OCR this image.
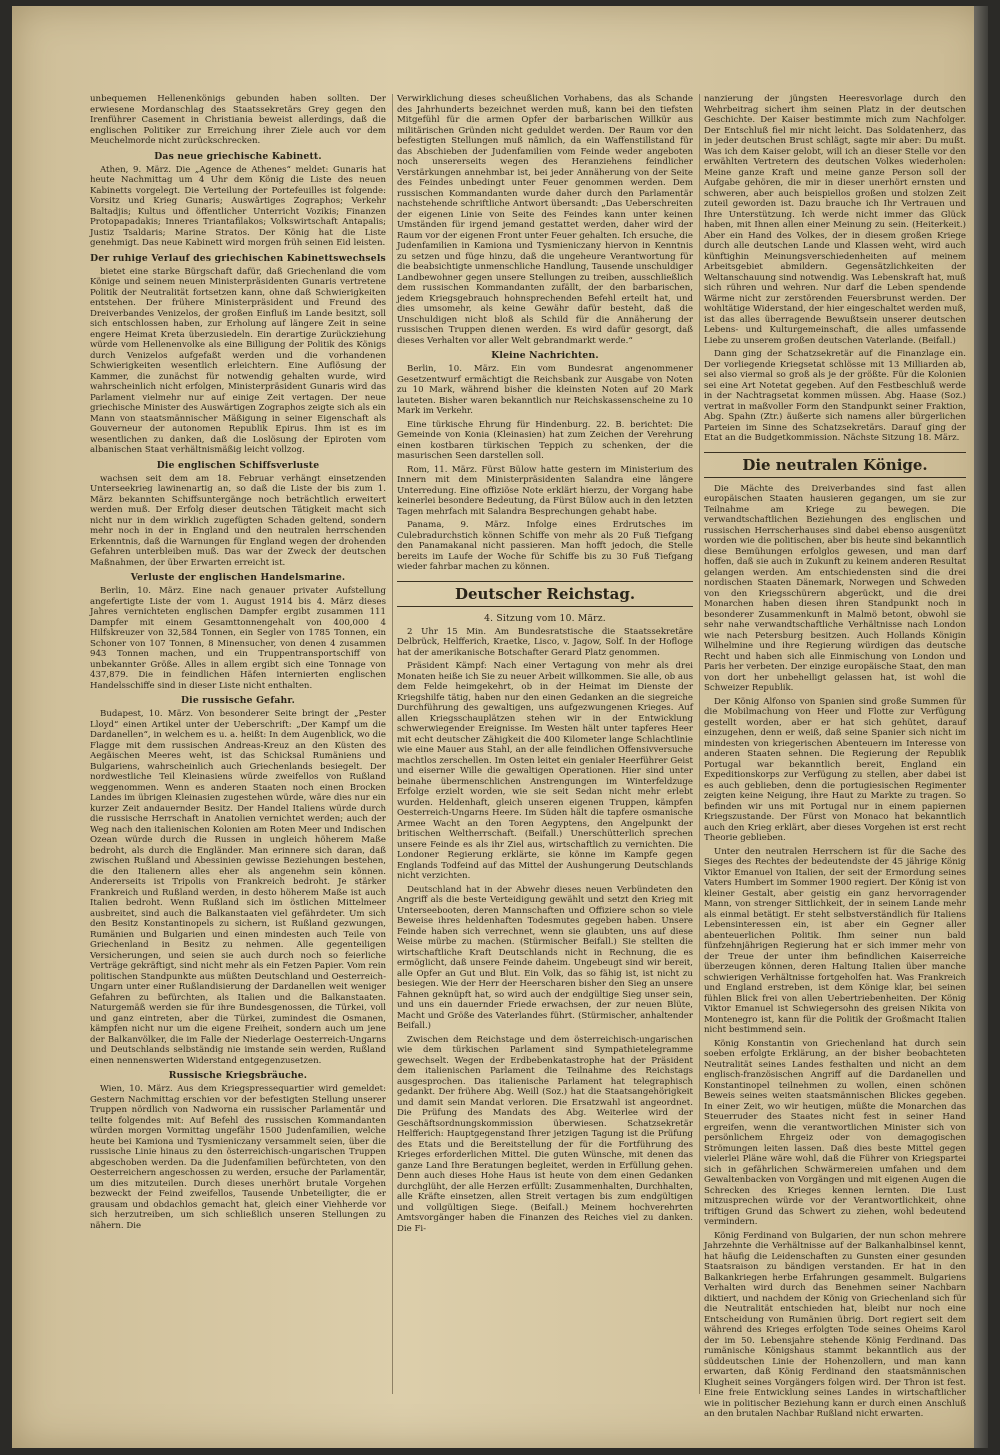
unbequemen Hellenenkönigs gebunden haben sollten. Der erwiesene Mordanschlag des Staatssekretärs Grey gegen den Irenführer Casement in Christiania beweist allerdings, daß die englischen Politiker zur Erreichung ihrer Ziele auch vor dem Meuchelmorde nicht zurückschrecken.

Das neue griechische Kabinett.

Athen, 9. März. Die „Agence de Athenes“ meldet: Gunaris hat heute Nachmittag um 4 Uhr dem König die Liste des neuen Kabinetts vorgelegt. Die Verteilung der Portefeuilles ist folgende: Vorsitz und Krieg Gunaris; Auswärtiges Zographos; Verkehr Baltadjis; Kultus und öffentlicher Unterricht Vozikis; Finanzen Protopapadakis; Inneres Triantafilakos; Volkswirtschaft Antapalis; Justiz Tsaldaris; Marine Stratos. Der König hat die Liste genehmigt. Das neue Kabinett wird morgen früh seinen Eid leisten.

Der ruhige Verlauf des griechischen Kabinettswechsels

bietet eine starke Bürgschaft dafür, daß Griechenland die vom Könige und seinem neuen Ministerpräsidenten Gunaris vertretene Politik der Neutralität fortsetzen kann, ohne daß Schwierigkeiten entstehen. Der frühere Ministerpräsident und Freund des Dreiverbandes Venizelos, der großen Einfluß im Lande besitzt, soll sich entschlossen haben, zur Erholung auf längere Zeit in seine engere Heimat Kreta überzusiedeln. Ein derartige Zurückziehung würde vom Hellenenvolke als eine Billigung der Politik des Königs durch Venizelos aufgefaßt werden und die vorhandenen Schwierigkeiten wesentlich erleichtern. Eine Auflösung der Kammer, die zunächst für notwendig gehalten wurde, wird wahrscheinlich nicht erfolgen, Ministerpräsident Gunaris wird das Parlament vielmehr nur auf einige Zeit vertagen. Der neue griechische Minister des Auswärtigen Zographos zeigte sich als ein Mann von staatsmännischer Mäßigung in seiner Eigenschaft als Gouverneur der autonomen Republik Epirus. Ihm ist es im wesentlichen zu danken, daß die Loslösung der Epiroten vom albanischen Staat verhältnismäßig leicht vollzog.

Die englischen Schiffsverluste

wachsen seit dem am 18. Februar verhängt einsetzenden Unterseekrieg lawinenartig an, so daß die Liste der bis zum 1. März bekannten Schiffsuntergänge noch beträchtlich erweitert werden muß. Der Erfolg dieser deutschen Tätigkeit macht sich nicht nur in dem wirklich zugefügten Schaden geltend, sondern mehr noch in der in England und den neutralen herrschenden Erkenntnis, daß die Warnungen für England wegen der drohenden Gefahren unterbleiben muß. Das war der Zweck der deutschen Maßnahmen, der über Erwarten erreicht ist.

Verluste der englischen Handelsmarine.

Berlin, 10. März. Eine nach genauer privater Aufstellung angefertigte Liste der vom 1. August 1914 bis 4. März dieses Jahres vernichteten englischen Dampfer ergibt zusammen 111 Dampfer mit einem Gesamttonnengehalt von 400,000 4 Hilfskreuzer von 32,584 Tonnen, ein Segler von 1785 Tonnen, ein Schoner von 107 Tonnen, 8 Minensucher, von denen 4 zusammen 943 Tonnen machen, und ein Truppentransportschiff von unbekannter Größe. Alles in allem ergibt sich eine Tonnage von 437,879. Die in feindlichen Häfen internierten englischen Handelsschiffe sind in dieser Liste nicht enthalten.

Die russische Gefahr.

Budapest, 10. März. Von besonderer Seite bringt der „Pester Lloyd“ einen Artikel unter der Ueberschrift: „Der Kampf um die Dardanellen“, in welchem es u. a. heißt: In dem Augenblick, wo die Flagge mit dem russischen Andreas-Kreuz an den Küsten des Aegäischen Meeres weht, ist das Schicksal Rumäniens und Bulgariens, wahrscheinlich auch Griechenlands besiegelt. Der nordwestliche Teil Kleinasiens würde zweifellos von Rußland weggenommen. Wenn es anderen Staaten noch einen Brocken Landes im übrigen Kleinasien zugestehen würde, wäre dies nur ein kurzer Zeit andauernder Besitz. Der Handel Italiens würde durch die russische Herrschaft in Anatolien vernichtet werden; auch der Weg nach den italienischen Kolonien am Roten Meer und Indischen Ozean würde durch die Russen in ungleich höherem Maße bedroht, als durch die Engländer. Man erinnere sich daran, daß zwischen Rußland und Abessinien gewisse Beziehungen bestehen, die den Italienern alles eher als angenehm sein können. Andererseits ist Tripolis von Frankreich bedroht. Je stärker Frankreich und Rußland werden, in desto höherem Maße ist auch Italien bedroht. Wenn Rußland sich im östlichen Mittelmeer ausbreitet, sind auch die Balkanstaaten viel gefährdeter. Um sich den Besitz Konstantinopels zu sichern, ist Rußland gezwungen, Rumänien und Bulgarien und einen mindesten auch Teile von Griechenland in Besitz zu nehmen. Alle gegenteiligen Versicherungen, und seien sie auch durch noch so feierliche Verträge gekräftigt, sind nicht mehr als ein Fetzen Papier. Vom rein politischen Standpunkte aus müßten Deutschland und Oesterreich-Ungarn unter einer Rußlandisierung der Dardanellen weit weniger Gefahren zu befürchten, als Italien und die Balkanstaaten. Naturgemäß werden sie für ihre Bundesgenossen, die Türkei, voll und ganz eintreten, aber die Türkei, zumindest die Osmanen, kämpfen nicht nur um die eigene Freiheit, sondern auch um jene der Balkanvölker, die im Falle der Niederlage Oesterreich-Ungarns und Deutschlands selbständig nie imstande sein werden, Rußland einen nennenswerten Widerstand entgegenzusetzen.

Russische Kriegsbräuche.

Wien, 10. März. Aus dem Kriegspressequartier wird gemeldet: Gestern Nachmittag erschien vor der befestigten Stellung unserer Truppen nördlich von Nadworna ein russischer Parlamentär und teilte folgendes mit: Auf Befehl des russischen Kommandanten würden morgen Vormittag ungefähr 1500 Judenfamilien, welche heute bei Kamiona und Tysmieniczany versammelt seien, über die russische Linie hinaus zu den österreichisch-ungarischen Truppen abgeschoben werden. Da die Judenfamilien befürchteten, von den Oesterreichern angeschossen zu werden, ersuche der Parlamentär, um dies mitzuteilen. Durch dieses unerhört brutale Vorgehen bezweckt der Feind zweifellos, Tausende Unbeteiligter, die er grausam und obdachlos gemacht hat, gleich einer Viehherde vor sich herzutreiben, um sich schließlich unseren Stellungen zu nähern. Die

Verwirklichung dieses scheußlichen Vorhabens, das als Schande des Jahrhunderts bezeichnet werden muß, kann bei den tiefsten Mitgefühl für die armen Opfer der barbarischen Willkür aus militärischen Gründen nicht geduldet werden. Der Raum vor den befestigten Stellungen muß nämlich, da ein Waffenstillstand für das Abschieben der Judenfamilien vom Feinde weder angeboten noch unsererseits wegen des Heranziehens feindlicher Verstärkungen annehmbar ist, bei jeder Annäherung von der Seite des Feindes unbedingt unter Feuer genommen werden. Dem russischen Kommandanten wurde daher durch den Parlamentär nachstehende schriftliche Antwort übersandt: „Das Ueberschreiten der eigenen Linie von Seite des Feindes kann unter keinen Umständen für irgend jemand gestattet werden, daher wird der Raum vor der eigenen Front unter Feuer gehalten. Ich ersuche, die Judenfamilien in Kamiona und Tysmieniczany hiervon in Kenntnis zu setzen und füge hinzu, daß die ungeheure Verantwortung für die beabsichtigte unmenschliche Handlung, Tausende unschuldiger Landbewohner gegen unsere Stellungen zu treiben, ausschließlich dem russischen Kommandanten zufällt, der den barbarischen, jedem Kriegsgebrauch hohnsprechenden Befehl erteilt hat, und dies umsomehr, als keine Gewähr dafür besteht, daß die Unschuldigen nicht bloß als Schild für die Annäherung der russischen Truppen dienen werden. Es wird dafür gesorgt, daß dieses Verhalten vor aller Welt gebrandmarkt werde.“

Kleine Nachrichten.

Berlin, 10. März. Ein vom Bundesrat angenommener Gesetzentwurf ermächtigt die Reichsbank zur Ausgabe von Noten zu 10 Mark, während bisher die kleinsten Noten auf 20 Mark lauteten. Bisher waren bekanntlich nur Reichskassenscheine zu 10 Mark im Verkehr.

Eine türkische Ehrung für Hindenburg. 22. B. berichtet: Die Gemeinde von Konia (Kleinasien) hat zum Zeichen der Verehrung einen kostbaren türkischen Teppich zu schenken, der die masurischen Seen darstellen soll.

Rom, 11. März. Fürst Bülow hatte gestern im Ministerium des Innern mit dem Ministerpräsidenten Salandra eine längere Unterredung. Eine offiziöse Note erklärt hierzu, der Vorgang habe keinerlei besondere Bedeutung, da Fürst Bülow auch in den letzten Tagen mehrfach mit Salandra Besprechungen gehabt habe.

Panama, 9. März. Infolge eines Erdrutsches im Culebradurchstich können Schiffe von mehr als 20 Fuß Tiefgang den Panamakanal nicht passieren. Man hofft jedoch, die Stelle bereits im Laufe der Woche für Schiffe bis zu 30 Fuß Tiefgang wieder fahrbar machen zu können.

Deutscher Reichstag.
4. Sitzung vom 10. März.

2 Uhr 15 Min. Am Bundesratstische die Staatssekretäre Delbrück, Helfferich, Kraetke, Lisco, v. Jagow, Solf. In der Hofloge hat der amerikanische Botschafter Gerard Platz genommen.

Präsident Kämpf: Nach einer Vertagung von mehr als drei Monaten heiße ich Sie zu neuer Arbeit willkommen. Sie alle, ob aus dem Felde heimgekehrt, ob in der Heimat im Dienste der Kriegshilfe tätig, haben nur den einen Gedanken an die siegreiche Durchführung des gewaltigen, uns aufgezwungenen Krieges. Auf allen Kriegsschauplätzen stehen wir in der Entwicklung schwerwiegender Ereignisse. Im Westen hält unter tapferes Heer mit echt deutscher Zähigkeit die 400 Kilometer lange Schlachtlinie wie eine Mauer aus Stahl, an der alle feindlichen Offensivversuche machtlos zerschellen. Im Osten leitet ein genialer Heerführer Geist und eiserner Wille die gewaltigen Operationen. Hier sind unter beinahe übermenschlichen Anstrengungen im Winterfeldzuge Erfolge erzielt worden, wie sie seit Sedan nicht mehr erlebt wurden. Heldenhaft, gleich unseren eigenen Truppen, kämpfen Oesterreich-Ungarns Heere. Im Süden hält die tapfere osmanische Armee Wacht an den Toren Aegyptens, den Angelpunkt der britischen Weltherrschaft. (Beifall.) Unerschütterlich sprechen unsere Feinde es als ihr Ziel aus, wirtschaftlich zu vernichten. Die Londoner Regierung erklärte, sie könne im Kampfe gegen Englands Todfeind auf das Mittel der Aushungerung Deutschlands nicht verzichten.

Deutschland hat in der Abwehr dieses neuen Verbündeten den Angriff als die beste Verteidigung gewählt und setzt den Krieg mit Unterseebooten, deren Mannschaften und Offiziere schon so viele Beweise ihres heldenhaften Todesmutes gegeben haben. Unsere Feinde haben sich verrechnet, wenn sie glaubten, uns auf diese Weise mürbe zu machen. (Stürmischer Beifall.) Sie stellten die wirtschaftliche Kraft Deutschlands nicht in Rechnung, die es ermöglicht, daß unsere Feinde daheim. Ungebeugt sind wir bereit, alle Opfer an Gut und Blut. Ein Volk, das so fähig ist, ist nicht zu besiegen. Wie der Herr der Heerscharen bisher den Sieg an unsere Fahnen geknüpft hat, so wird auch der endgültige Sieg unser sein, und uns ein dauernder Friede erwachsen, der zur neuen Blüte, Macht und Größe des Vaterlandes führt. (Stürmischer, anhaltender Beifall.)

Zwischen dem Reichstage und dem österreichisch-ungarischen wie dem türkischen Parlament sind Sympathietelegramme gewechselt. Wegen der Erdbebenkatastrophe hat der Präsident dem italienischen Parlament die Teilnahme des Reichstags ausgesprochen. Das italienische Parlament hat telegraphisch gedankt. Der frühere Abg. Weill (Soz.) hat die Staatsangehörigkeit und damit sein Mandat verloren. Die Ersatzwahl ist angeordnet. Die Prüfung des Mandats des Abg. Weiterlee wird der Geschäftsordnungskommission überwiesen. Schatzsekretär Helfferich: Hauptgegenstand Ihrer jetzigen Tagung ist die Prüfung des Etats und die Bereitstellung der für die Fortführung des Krieges erforderlichen Mittel. Die guten Wünsche, mit denen das ganze Land Ihre Beratungen begleitet, werden in Erfüllung gehen. Denn auch dieses Hohe Haus ist heute von dem einen Gedanken durchglüht, der alle Herzen erfüllt: Zusammenhalten, Durchhalten, alle Kräfte einsetzen, allen Streit vertagen bis zum endgültigen und vollgültigen Siege. (Beifall.) Meinem hochverehrten Amtsvorgänger haben die Finanzen des Reiches viel zu danken. Die Fi-

nanzierung der jüngsten Heeresvorlage durch den Wehrbeitrag sichert ihm seinen Platz in der deutschen Geschichte. Der Kaiser bestimmte mich zum Nachfolger. Der Entschluß fiel mir nicht leicht. Das Soldatenherz, das in jeder deutschen Brust schlägt, sagte mir aber: Du mußt. Was ich dem Kaiser gelobt, will ich an dieser Stelle vor den erwählten Vertretern des deutschen Volkes wiederholen: Meine ganze Kraft und meine ganze Person soll der Aufgabe gehören, die mir in dieser unerhört ernsten und schweren, aber auch beispiellos großen und stolzen Zeit zuteil geworden ist. Dazu brauche ich Ihr Vertrauen und Ihre Unterstützung. Ich werde nicht immer das Glück haben, mit Ihnen allen einer Meinung zu sein. (Heiterkeit.) Aber ein Hand des Volkes, der in diesem großen Kriege durch alle deutschen Lande und Klassen weht, wird auch künftighin Meinungsverschiedenheiten auf meinem Arbeitsgebiet abmildern. Gegensätzlichkeiten der Weltanschauung sind notwendig. Was Lebenskraft hat, muß sich rühren und wehren. Nur darf die Leben spendende Wärme nicht zur zerstörenden Feuersbrunst werden. Der wohltätige Widerstand, der hier eingeschaltet werden muß, ist das alles überragende Bewußtsein unserer deutschen Lebens- und Kulturgemeinschaft, die alles umfassende Liebe zu unserem großen deutschen Vaterlande. (Beifall.)

Dann ging der Schatzsekretär auf die Finanzlage ein. Der vorliegende Kriegsetat schlösse mit 13 Milliarden ab, sei also viermal so groß als je der größte. Für die Kolonien sei eine Art Notetat gegeben. Auf den Festbeschluß werde in der Nachtragsetat kommen müssen. Abg. Haase (Soz.) vertrat in maßvoller Form den Standpunkt seiner Fraktion, Abg. Spahn (Ztr.) äußerte sich namens aller bürgerlichen Parteien im Sinne des Schatzsekretärs. Darauf ging der Etat an die Budgetkommission. Nächste Sitzung 18. März.

Die neutralen Könige.

Die Mächte des Dreiverbandes sind fast allen europäischen Staaten hausieren gegangen, um sie zur Teilnahme am Kriege zu bewegen. Die verwandtschaftlichen Beziehungen des englischen und russischen Herrscherhauses sind dabei ebenso ausgenützt worden wie die politischen, aber bis heute sind bekanntlich diese Bemühungen erfolglos gewesen, und man darf hoffen, daß sie auch in Zukunft zu keinem anderen Resultat gelangen werden. Am entschiedensten sind die drei nordischen Staaten Dänemark, Norwegen und Schweden von den Kriegsschürern abgerückt, und die drei Monarchen haben diesen ihren Standpunkt noch in besonderer Zusammenkunft in Malmö betont, obwohl sie sehr nahe verwandtschaftliche Verhältnisse nach London wie nach Petersburg besitzen. Auch Hollands Königin Wilhelmine und ihre Regierung würdigen das deutsche Recht und haben sich alle Einmischung von London und Paris her verbeten. Der einzige europäische Staat, den man von dort her unbehelligt gelassen hat, ist wohl die Schweizer Republik.

Der König Alfonso von Spanien sind große Summen für die Mobilmachung von Heer und Flotte zur Verfügung gestellt worden, aber er hat sich gehütet, darauf einzugehen, denn er weiß, daß seine Spanier sich nicht im mindesten von kriegerischen Abenteuern im Interesse von anderen Staaten sehnen. Die Regierung der Republik Portugal war bekanntlich bereit, England ein Expeditionskorps zur Verfügung zu stellen, aber dabei ist es auch geblieben, denn die portugiesischen Regimenter zeigten keine Neigung, ihre Haut zu Markte zu tragen. So befinden wir uns mit Portugal nur in einem papiernen Kriegszustande. Der Fürst von Monaco hat bekanntlich auch den Krieg erklärt, aber dieses Vorgehen ist erst recht Theorie geblieben.

Unter den neutralen Herrschern ist für die Sache des Sieges des Rechtes der bedeutendste der 45 jährige König Viktor Emanuel von Italien, der seit der Ermordung seines Vaters Humbert im Sommer 1900 regiert. Der König ist von kleiner Gestalt, aber geistig ein ganz hervorragender Mann, von strenger Sittlichkeit, der in seinem Lande mehr als einmal betätigt. Er steht selbstverständlich für Italiens Lebensinteressen ein, ist aber ein Gegner aller abenteuerlichen Politik. Ihm seiner nun bald fünfzehnjährigen Regierung hat er sich immer mehr von der Treue der unter ihm befindlichen Kaiserreiche überzeugen können, deren Haltung Italien über manche schwierigen Verhältnisse fortgeholfen hat. Was Frankreich und England erstreben, ist dem Könige klar, bei seinen fühlen Blick frei von allen Uebertriebenheiten. Der König Viktor Emanuel ist Schwiegersohn des greisen Nikita von Montenegro ist, kann für die Politik der Großmacht Italien nicht bestimmend sein.

König Konstantin von Griechenland hat durch sein soeben erfolgte Erklärung, an der bisher beobachteten Neutralität seines Landes festhalten und nicht an dem englisch-französischen Angriff auf die Dardanellen und Konstantinopel teilnehmen zu wollen, einen schönen Beweis seines weiten staatsmännischen Blickes gegeben. In einer Zeit, wo wir heutigen, müßte die Monarchen das Steuerruder des Staates nicht fest in seiner Hand ergreifen, wenn die verantwortlichen Minister sich von persönlichem Ehrgeiz oder von demagogischen Strömungen leiten lassen. Daß dies beste Mittel gegen vielerlei Pläne wäre wohl, daß die Führer von Kriegspartei sich in gefährlichen Schwärmereien umfahen und dem Gewaltenbacken von Vorgängen und mit eigenen Augen die Schrecken des Krieges kennen lernten. Die Lust mitzusprechen würde vor der Verantwortlichkeit, ohne triftigen Grund das Schwert zu ziehen, wohl bedeutend vermindern.

König Ferdinand von Bulgarien, der nun schon mehrere Jahrzehnte die Verhältnisse auf der Balkanhalbinsel kennt, hat häufig die Leidenschaften zu Gunsten einer gesunden Staatsraison zu bändigen verstanden. Er hat in den Balkankriegen herbe Erfahrungen gesammelt. Bulgariens Verhalten wird durch das Benehmen seiner Nachbarn diktiert, und nachdem der König von Griechenland sich für die Neutralität entschieden hat, bleibt nur noch eine Entscheidung von Rumänien übrig. Dort regiert seit dem während des Krieges erfolgten Tode seines Oheims Karol der im 50. Lebensjahre stehende König Ferdinand. Das rumänische Königshaus stammt bekanntlich aus der süddeutschen Linie der Hohenzollern, und man kann erwarten, daß König Ferdinand den staatsmännischen Klugheit seines Vorgängers folgen wird. Der Thron ist fest. Eine freie Entwicklung seines Landes in wirtschaftlicher wie in politischer Beziehung kann er durch einen Anschluß an den brutalen Nachbar Rußland nicht erwarten.
